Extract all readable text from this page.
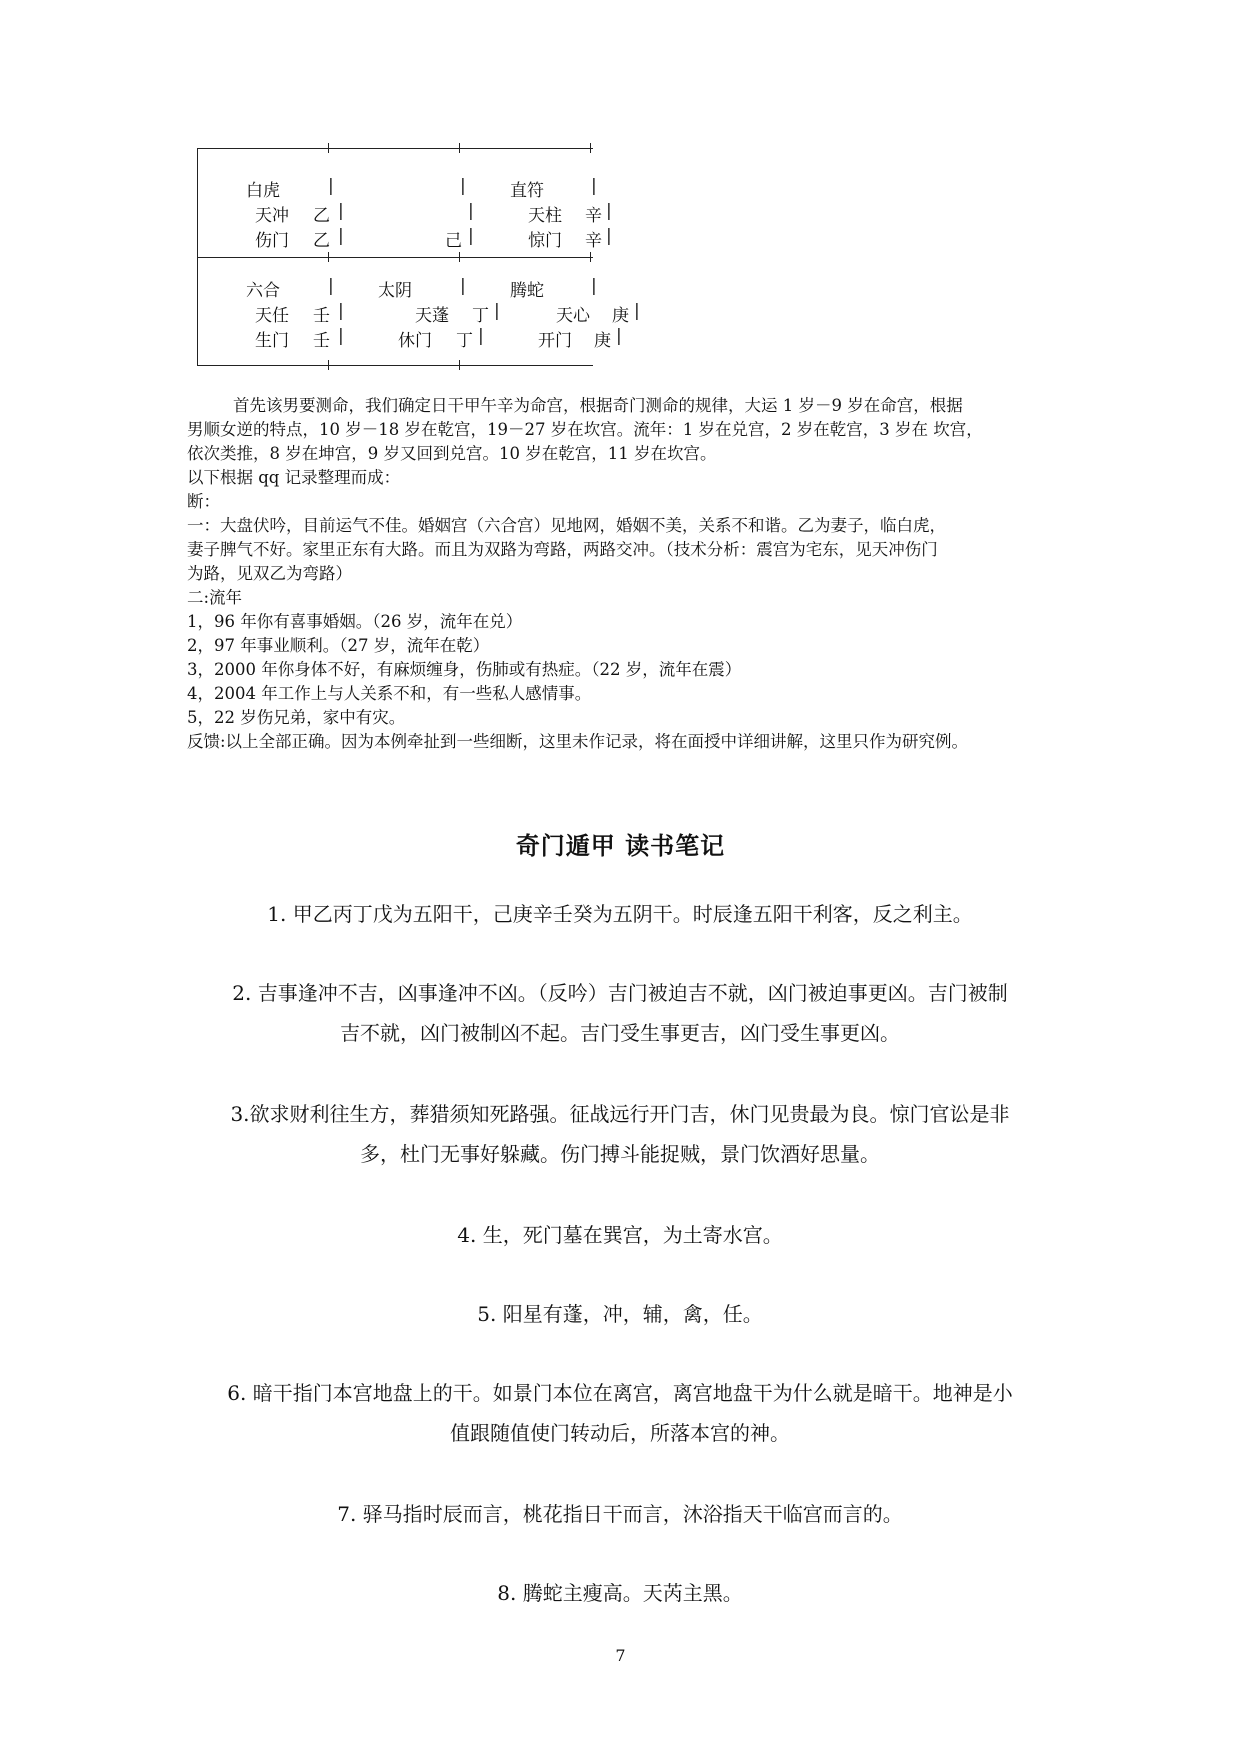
白虎	|	|	直符	|
天冲 乙 |	|	天柱 辛 |
伤门 乙 |	己 |	惊门 辛 |
六合	|	太阴	|	腾蛇	|
天任 壬 |	天蓬 丁 |	天心 庚 |
生门 壬 |	休门 丁 |	开门 庚 |

首先该男要测命，我们确定日干甲午辛为命宫，根据奇门测命的规律，大运 1 岁－9 岁在命宫，根据

男顺女逆的特点，10 岁－18 岁在乾宫，19－27 岁在坎宫。流年：1 岁在兑宫，2 岁在乾宫，3 岁在 坎宫，

依次类推，8 岁在坤宫，9 岁又回到兑宫。10 岁在乾宫，11 岁在坎宫。

以下根据 qq 记录整理而成：

断：

一：大盘伏吟，目前运气不佳。婚姻宫（六合宫）见地网，婚姻不美，关系不和谐。乙为妻子，临白虎，

妻子脾气不好。家里正东有大路。而且为双路为弯路，两路交冲。（技术分析：震宫为宅东，见天冲伤门

为路，见双乙为弯路）

二:流年

1，96 年你有喜事婚姻。（26 岁，流年在兑）

2，97 年事业顺利。（27 岁，流年在乾）

3，2000 年你身体不好，有麻烦缠身，伤肺或有热症。（22 岁，流年在震）

4，2004 年工作上与人关系不和，有一些私人感情事。

5，22 岁伤兄弟，家中有灾。

反馈:以上全部正确。因为本例牵扯到一些细断，这里未作记录，将在面授中详细讲解，这里只作为研究例。

奇门遁甲 读书笔记

1. 甲乙丙丁戊为五阳干，己庚辛壬癸为五阴干。时辰逢五阳干利客，反之利主。

2. 吉事逢冲不吉，凶事逢冲不凶。（反吟）吉门被迫吉不就，凶门被迫事更凶。吉门被制

吉不就，凶门被制凶不起。吉门受生事更吉，凶门受生事更凶。

3.欲求财利往生方，葬猎须知死路强。征战远行开门吉，休门见贵最为良。惊门官讼是非

多，杜门无事好躲藏。伤门搏斗能捉贼，景门饮酒好思量。

4. 生，死门墓在巽宫，为土寄水宫。

5. 阳星有蓬，冲，辅，禽，任。

6. 暗干指门本宫地盘上的干。如景门本位在离宫，离宫地盘干为什么就是暗干。地神是小

值跟随值使门转动后，所落本宫的神。

7. 驿马指时辰而言，桃花指日干而言，沐浴指天干临宫而言的。

8. 腾蛇主瘦高。天芮主黑。

7
